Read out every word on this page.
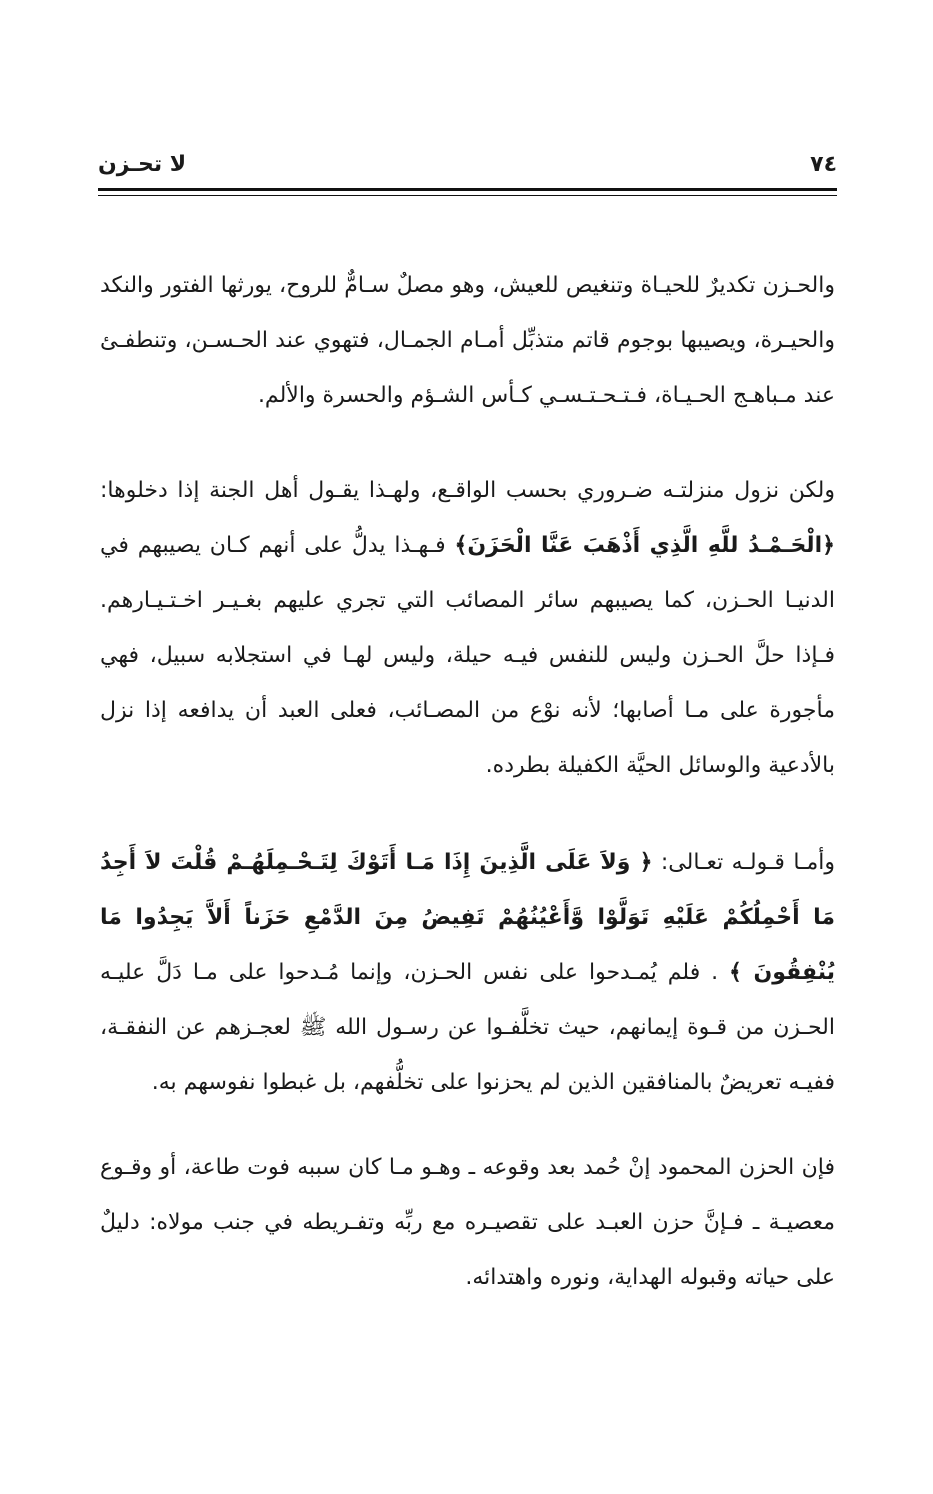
٧٤
لا تحـزن

والحـزن تكديرٌ للحيـاة وتنغيص للعيش، وهو مصلٌ سـامٌّ للروح، يورثها الفتور والنكد والحيـرة، ويصيبها بوجوم قاتم متذبِّل أمـام الجمـال، فتهوي عند الحـسـن، وتنطفـئ عند مـباهـج الحـيـاة، فـتـحـتـسـي كـأس الشـؤم والحسرة والألم.

ولكن نزول منزلتـه ضـروري بحسب الواقـع، ولهـذا يقـول أهل الجنة إذا دخلوها: ﴿الْحَـمْـدُ للَّهِ الَّذِي أَذْهَبَ عَنَّا الْحَزَنَ﴾ فـهـذا يدلُّ على أنهم كـان يصيبهم في الدنيـا الحـزن، كما يصيبهم سائر المصائب التي تجري عليهم بغـيـر اخـتـيـارهم. فـإذا حلَّ الحـزن وليس للنفس فيـه حيلة، وليس لهـا في استجلابه سبيل، فهي مأجورة على مـا أصابها؛ لأنه نوْع من المصـائب، فعلى العبد أن يدافعه إذا نزل بالأدعية والوسائل الحيَّة الكفيلة بطرده.

وأمـا قـولـه تعـالى: ﴿ وَلاَ عَلَى الَّذِينَ إِذَا مَـا أَتَوْكَ لِتَـحْـمِلَهُـمْ قُلْتَ لاَ أَجِدُ مَا أَحْمِلُكُمْ عَلَيْهِ تَوَلَّوْا وَّأَعْيُنُهُمْ تَفِيضُ مِنَ الدَّمْعِ حَزَناً أَلاَّ يَجِدُوا مَا يُنْفِقُونَ ﴾ . فلم يُمـدحوا على نفس الحـزن، وإنما مُـدحوا على مـا دَلَّ عليـه الحـزن من قـوة إيمانهم، حيث تخلَّفـوا عن رسـول الله ﷺ لعجـزهم عن النفقـة، ففيـه تعريضٌ بالمنافقين الذين لم يحزنوا على تخلُّفهم، بل غبطوا نفوسهم به.

فإن الحزن المحمود إنْ حُمد بعد وقوعه ـ وهـو مـا كان سببه فوت طاعة، أو وقـوع معصيـة ـ فـإنَّ حزن العبـد على تقصيـره مع ربِّه وتفـريطه في جنب مولاه: دليلٌ على حياته وقبوله الهداية، ونوره واهتدائه.
